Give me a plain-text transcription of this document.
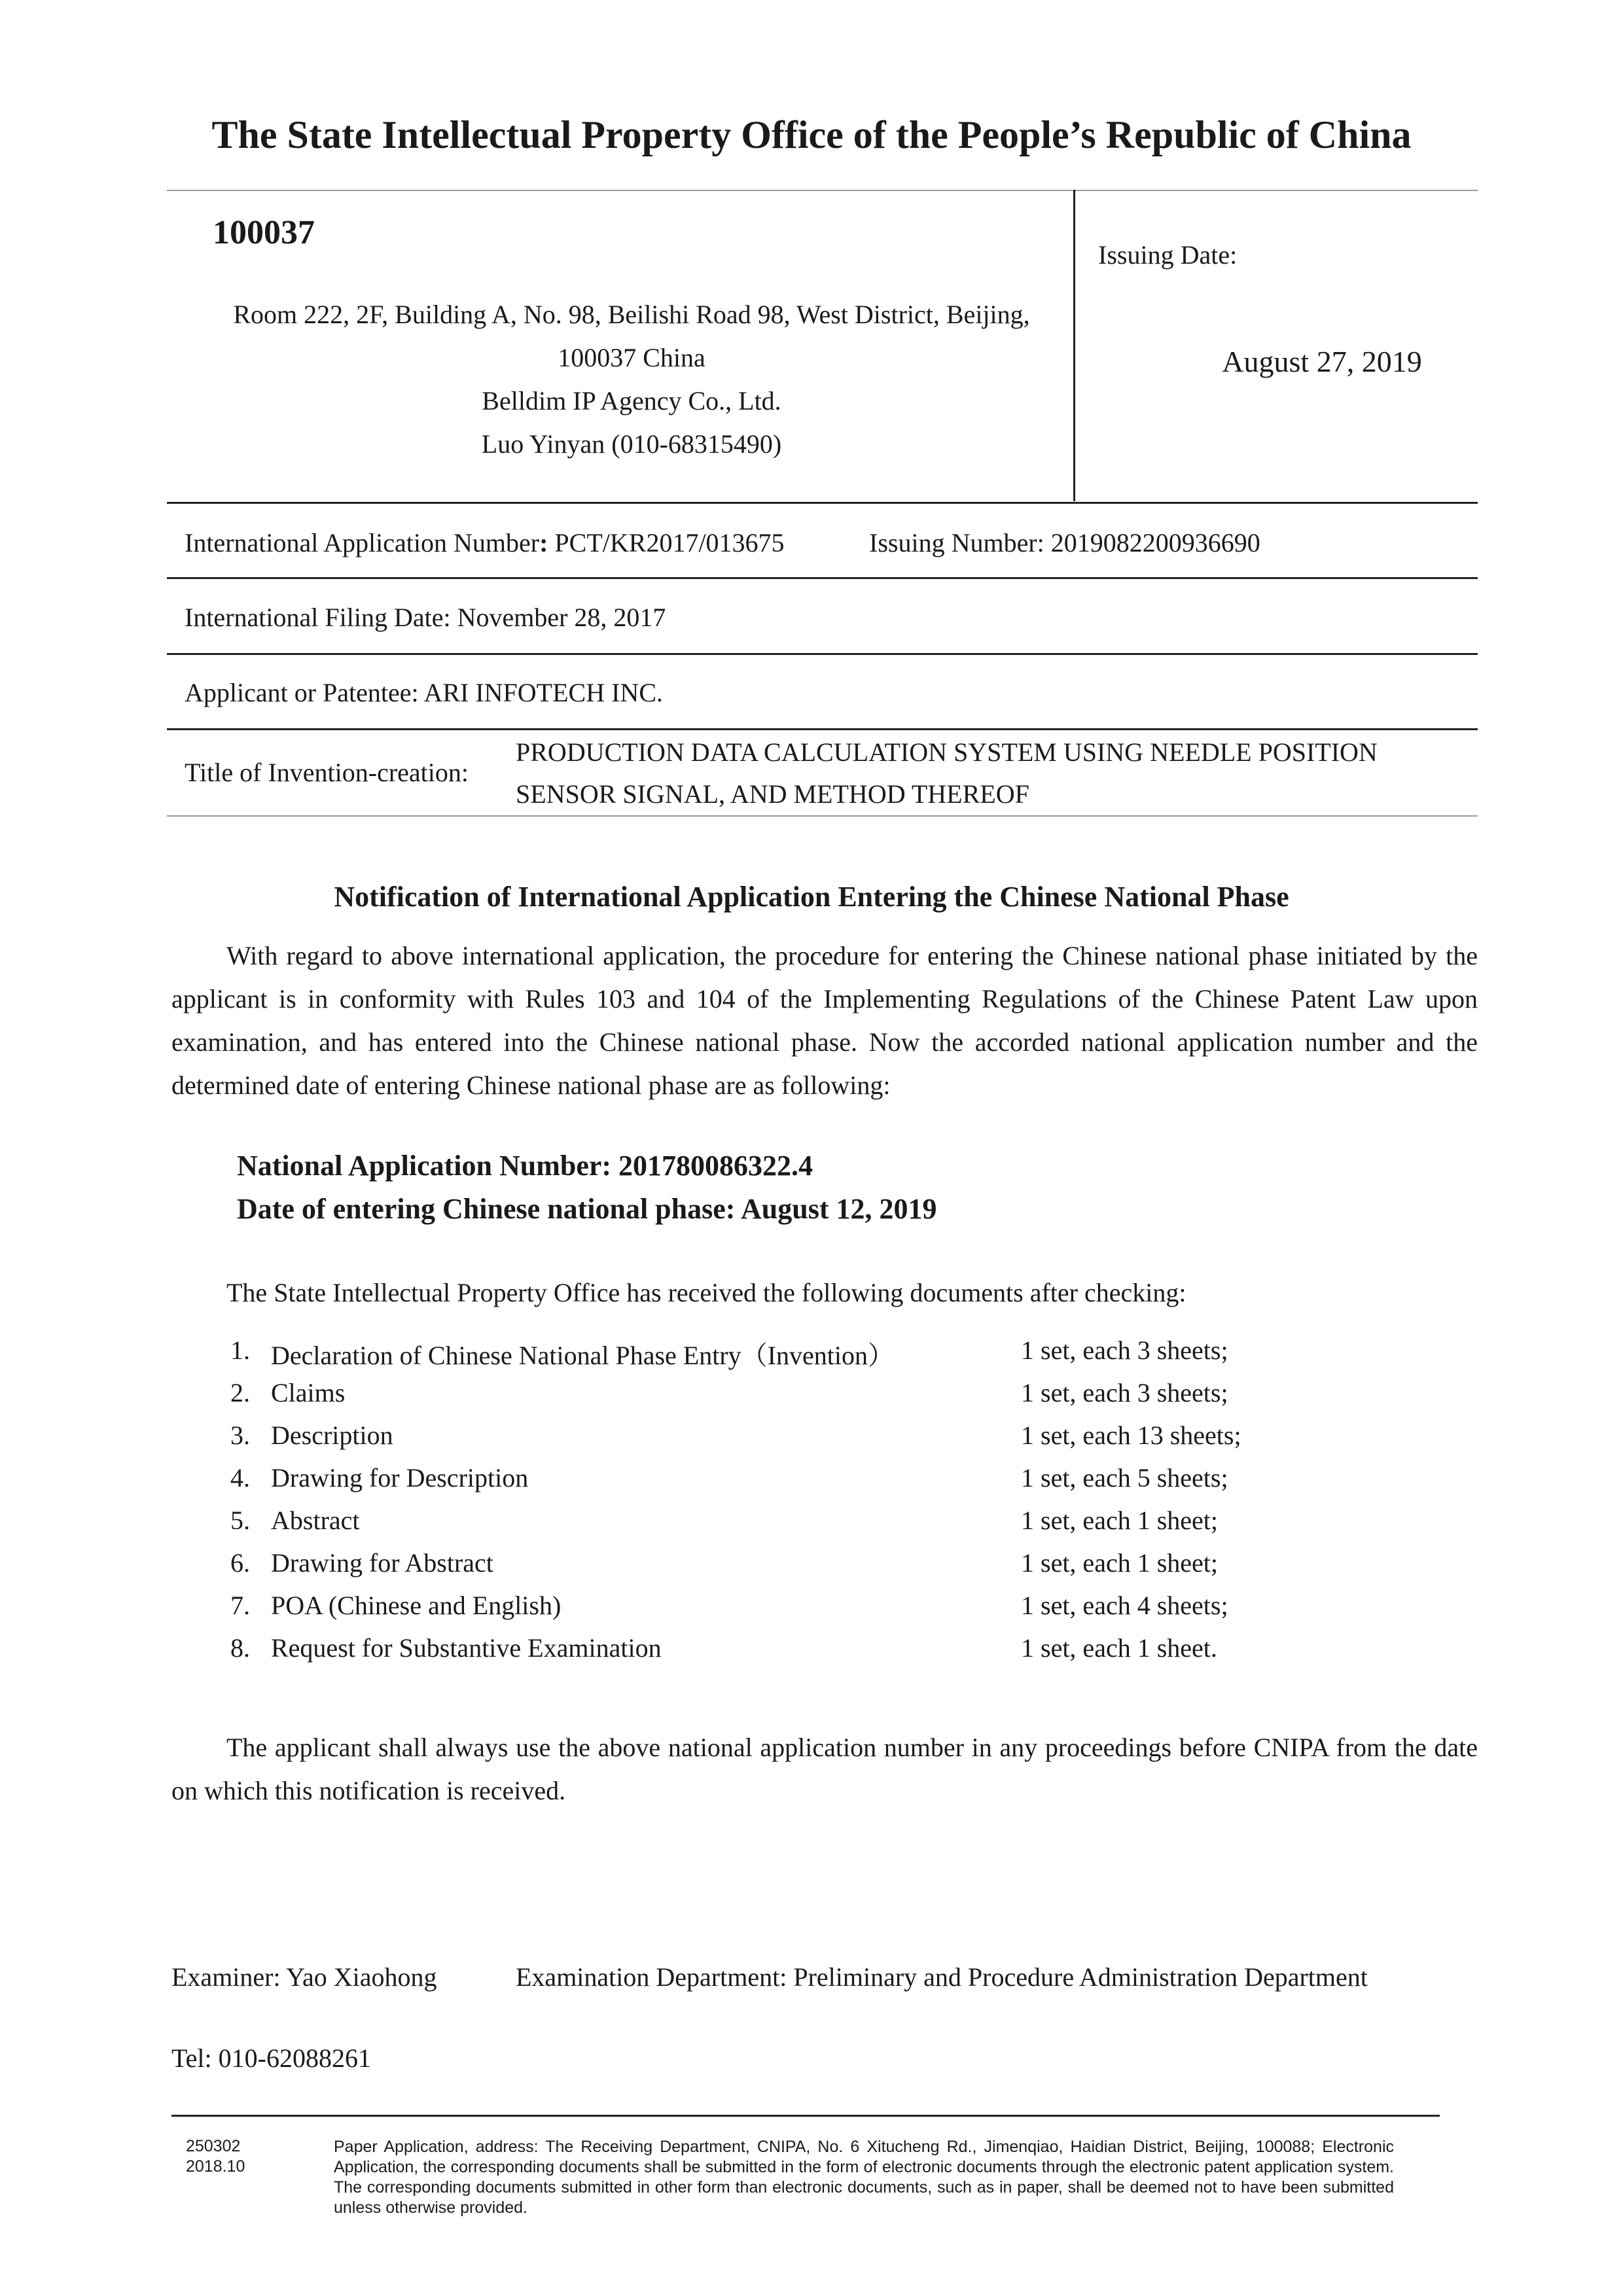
The State Intellectual Property Office of the People’s Republic of China
100037
Room 222, 2F, Building A, No. 98, Beilishi Road 98, West District, Beijing,
100037 China
Belldim IP Agency Co., Ltd.
Luo Yinyan (010-68315490)
Issuing Date:
August 27, 2019
International Application Number: PCT/KR2017/013675	Issuing Number: 2019082200936690
International Filing Date: November 28, 2017
Applicant or Patentee: ARI INFOTECH INC.
Title of Invention-creation:
PRODUCTION DATA CALCULATION SYSTEM USING NEEDLE POSITION
SENSOR SIGNAL, AND METHOD THEREOF
Notification of International Application Entering the Chinese National Phase

With regard to above international application, the procedure for entering the Chinese national phase initiated by the applicant is in conformity with Rules 103 and 104 of the Implementing Regulations of the Chinese Patent Law upon examination, and has entered into the Chinese national phase. Now the accorded national application number and the determined date of entering Chinese national phase are as following:

National Application Number: 201780086322.4
Date of entering Chinese national phase: August 12, 2019
The State Intellectual Property Office has received the following documents after checking:
1. Declaration of Chinese National Phase Entry（Invention）	1 set, each 3 sheets;
2. Claims	1 set, each 3 sheets;
3. Description	1 set, each 13 sheets;
4. Drawing for Description	1 set, each 5 sheets;
5. Abstract	1 set, each 1 sheet;
6. Drawing for Abstract	1 set, each 1 sheet;
7. POA (Chinese and English)	1 set, each 4 sheets;
8. Request for Substantive Examination	1 set, each 1 sheet.

The applicant shall always use the above national application number in any proceedings before CNIPA from the date on which this notification is received.

Examiner: Yao Xiaohong	Examination Department: Preliminary and Procedure Administration Department
Tel: 010-62088261
250302
2018.10
Paper Application, address: The Receiving Department, CNIPA, No. 6 Xitucheng Rd., Jimenqiao, Haidian District, Beijing, 100088; Electronic Application, the corresponding documents shall be submitted in the form of electronic documents through the electronic patent application system. The corresponding documents submitted in other form than electronic documents, such as in paper, shall be deemed not to have been submitted unless otherwise provided.
